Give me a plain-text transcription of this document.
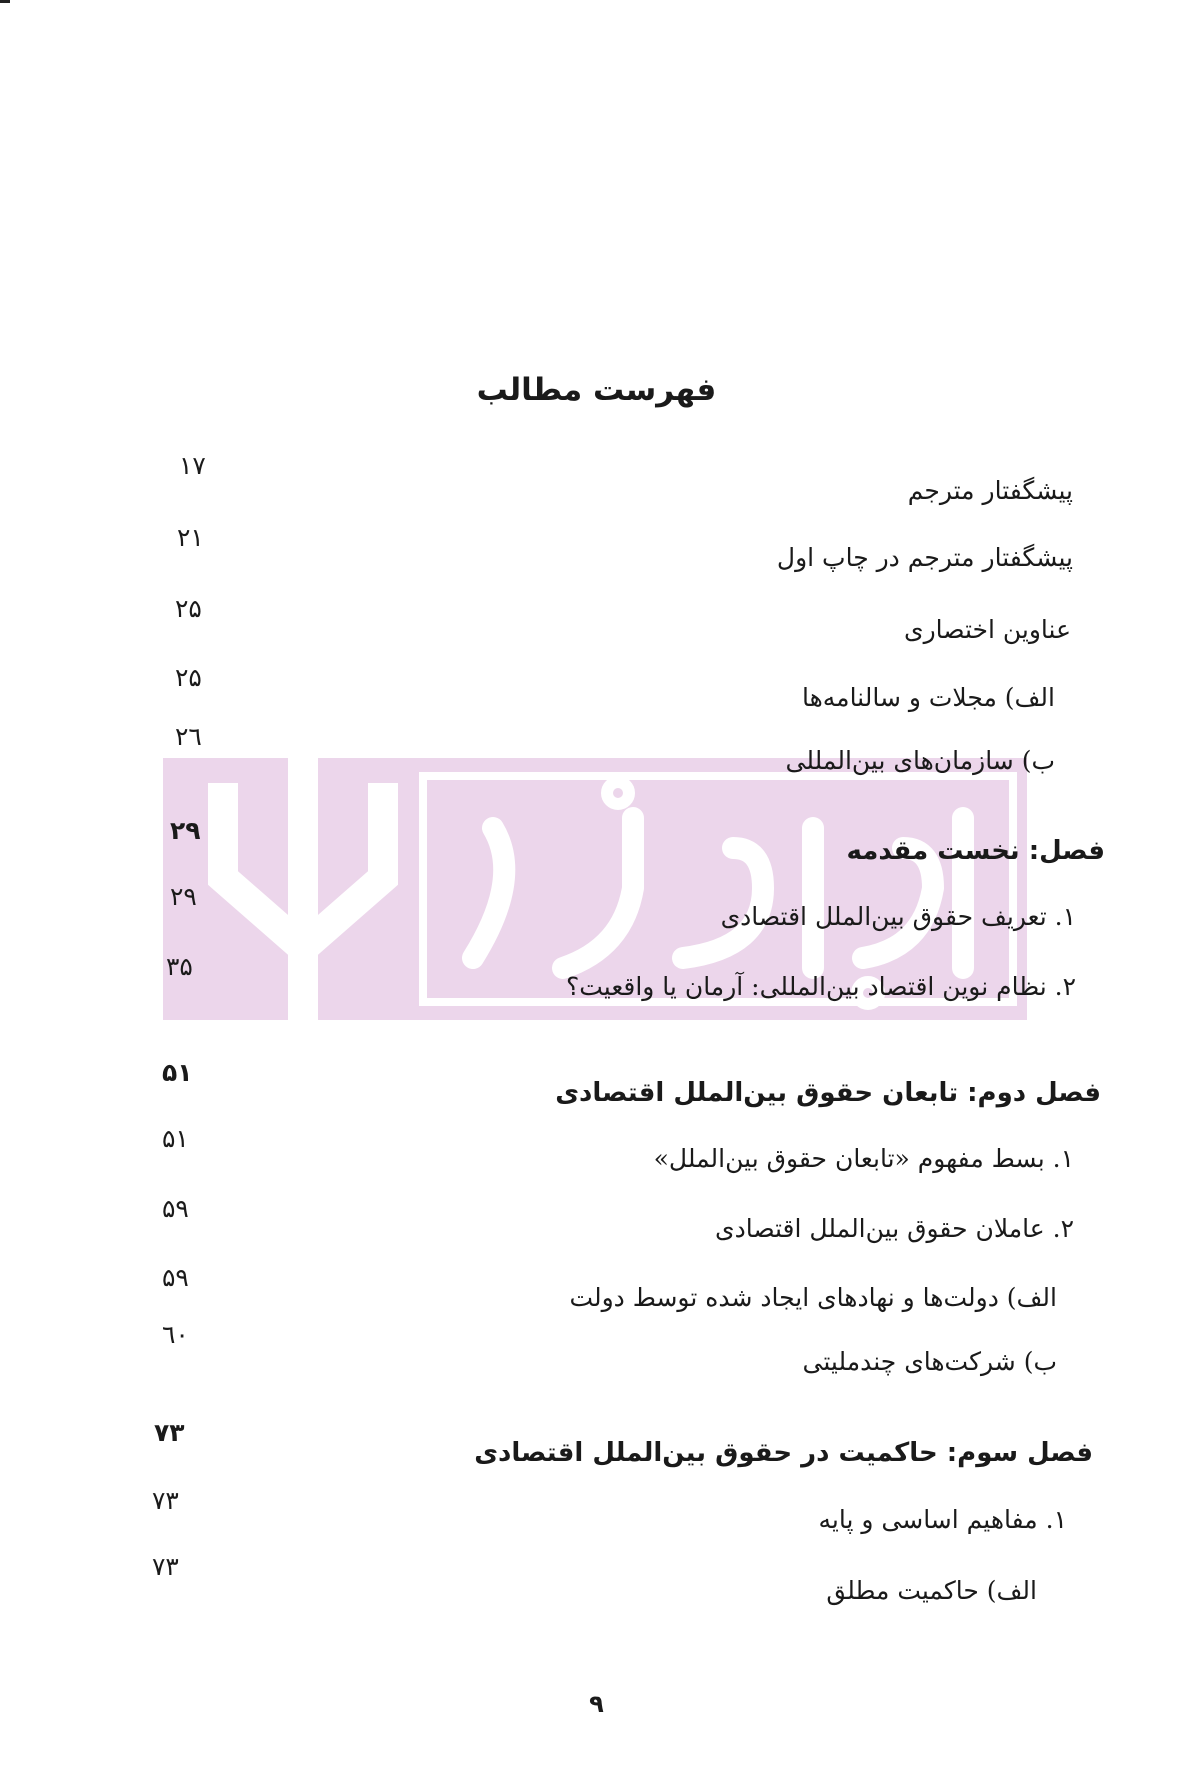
فهرست مطالب
پیشگفتار مترجم
۱۷
پیشگفتار مترجم در چاپ اول
۲۱
عناوین اختصاری
۲۵
الف) مجلات و سالنامه‌ها
۲۵
ب) سازمان‌های بین‌المللی
۲٦
فصل: نخست مقدمه
۲۹
۱. تعریف حقوق بین‌الملل اقتصادی
۲۹
۲. نظام نوین اقتصاد بین‌المللی: آرمان یا واقعیت؟
۳۵
فصل دوم: تابعان حقوق بین‌الملل اقتصادی
۵۱
۱. بسط مفهوم «تابعان حقوق بین‌الملل»
۵۱
۲. عاملان حقوق بین‌الملل اقتصادی
۵۹
الف) دولت‌ها و نهادهای ایجاد شده توسط دولت
۵۹
ب) شرکت‌های چندملیتی
٦۰
فصل سوم: حاکمیت در حقوق بین‌الملل اقتصادی
۷۳
۱. مفاهیم اساسی و پایه
۷۳
الف) حاکمیت مطلق
۷۳
۹
